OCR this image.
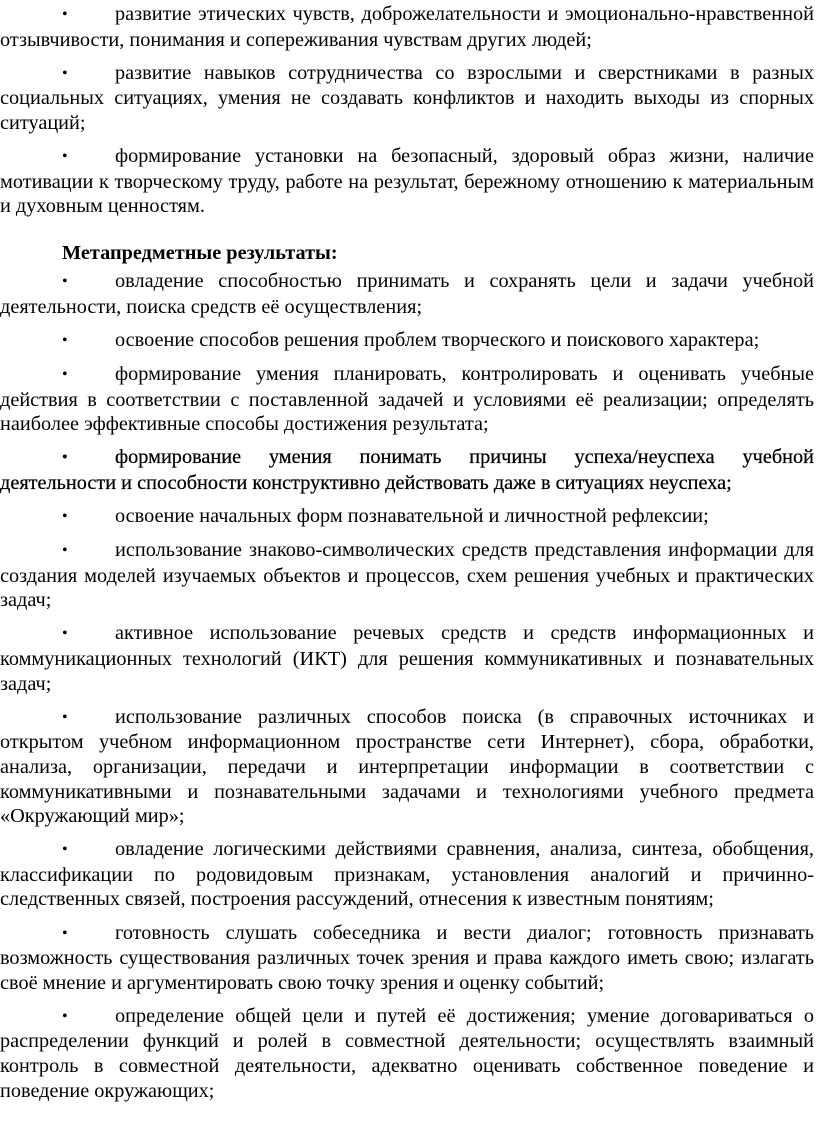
• развитие этических чувств, доброжелательности и эмоционально-нравственной отзывчивости, понимания и сопереживания чувствам других людей;

• развитие навыков сотрудничества со взрослыми и сверстниками в разных социальных ситуациях, умения не создавать конфликтов и находить выходы из спорных ситуаций;

• формирование установки на безопасный, здоровый образ жизни, наличие мотивации к творческому труду, работе на результат, бережному отношению к материальным и духовным ценностям.

Метапредметные результаты:

• овладение способностью принимать и сохранять цели и задачи учебной деятельности, поиска средств её осуществления;

• освоение способов решения проблем творческого и поискового характера;

• формирование умения планировать, контролировать и оценивать учебные действия в соответствии с поставленной задачей и условиями её реализации; определять наиболее эффективные способы достижения результата;

• формирование умения понимать причины успеха/неуспеха учебной деятельности и способности конструктивно действовать даже в ситуациях неуспеха;

• освоение начальных форм познавательной и личностной рефлексии;

• использование знаково-символических средств представления информации для создания моделей изучаемых объектов и процессов, схем решения учебных и практических задач;

• активное использование речевых средств и средств информационных и коммуникационных технологий (ИКТ) для решения коммуникативных и познавательных задач;

• использование различных способов поиска (в справочных источниках и открытом учебном информационном пространстве сети Интернет), сбора, обработки, анализа, организации, передачи и интерпретации информации в соответствии с коммуникативными и познавательными задачами и технологиями учебного предмета «Окружающий мир»;

• овладение логическими действиями сравнения, анализа, синтеза, обобщения, классификации по родовидовым признакам, установления аналогий и причинно-следственных связей, построения рассуждений, отнесения к известным понятиям;

• готовность слушать собеседника и вести диалог; готовность признавать возможность существования различных точек зрения и права каждого иметь свою; излагать своё мнение и аргументировать свою точку зрения и оценку событий;

• определение общей цели и путей её достижения; умение договариваться о распределении функций и ролей в совместной деятельности; осуществлять взаимный контроль в совместной деятельности, адекватно оценивать собственное поведение и поведение окружающих;
